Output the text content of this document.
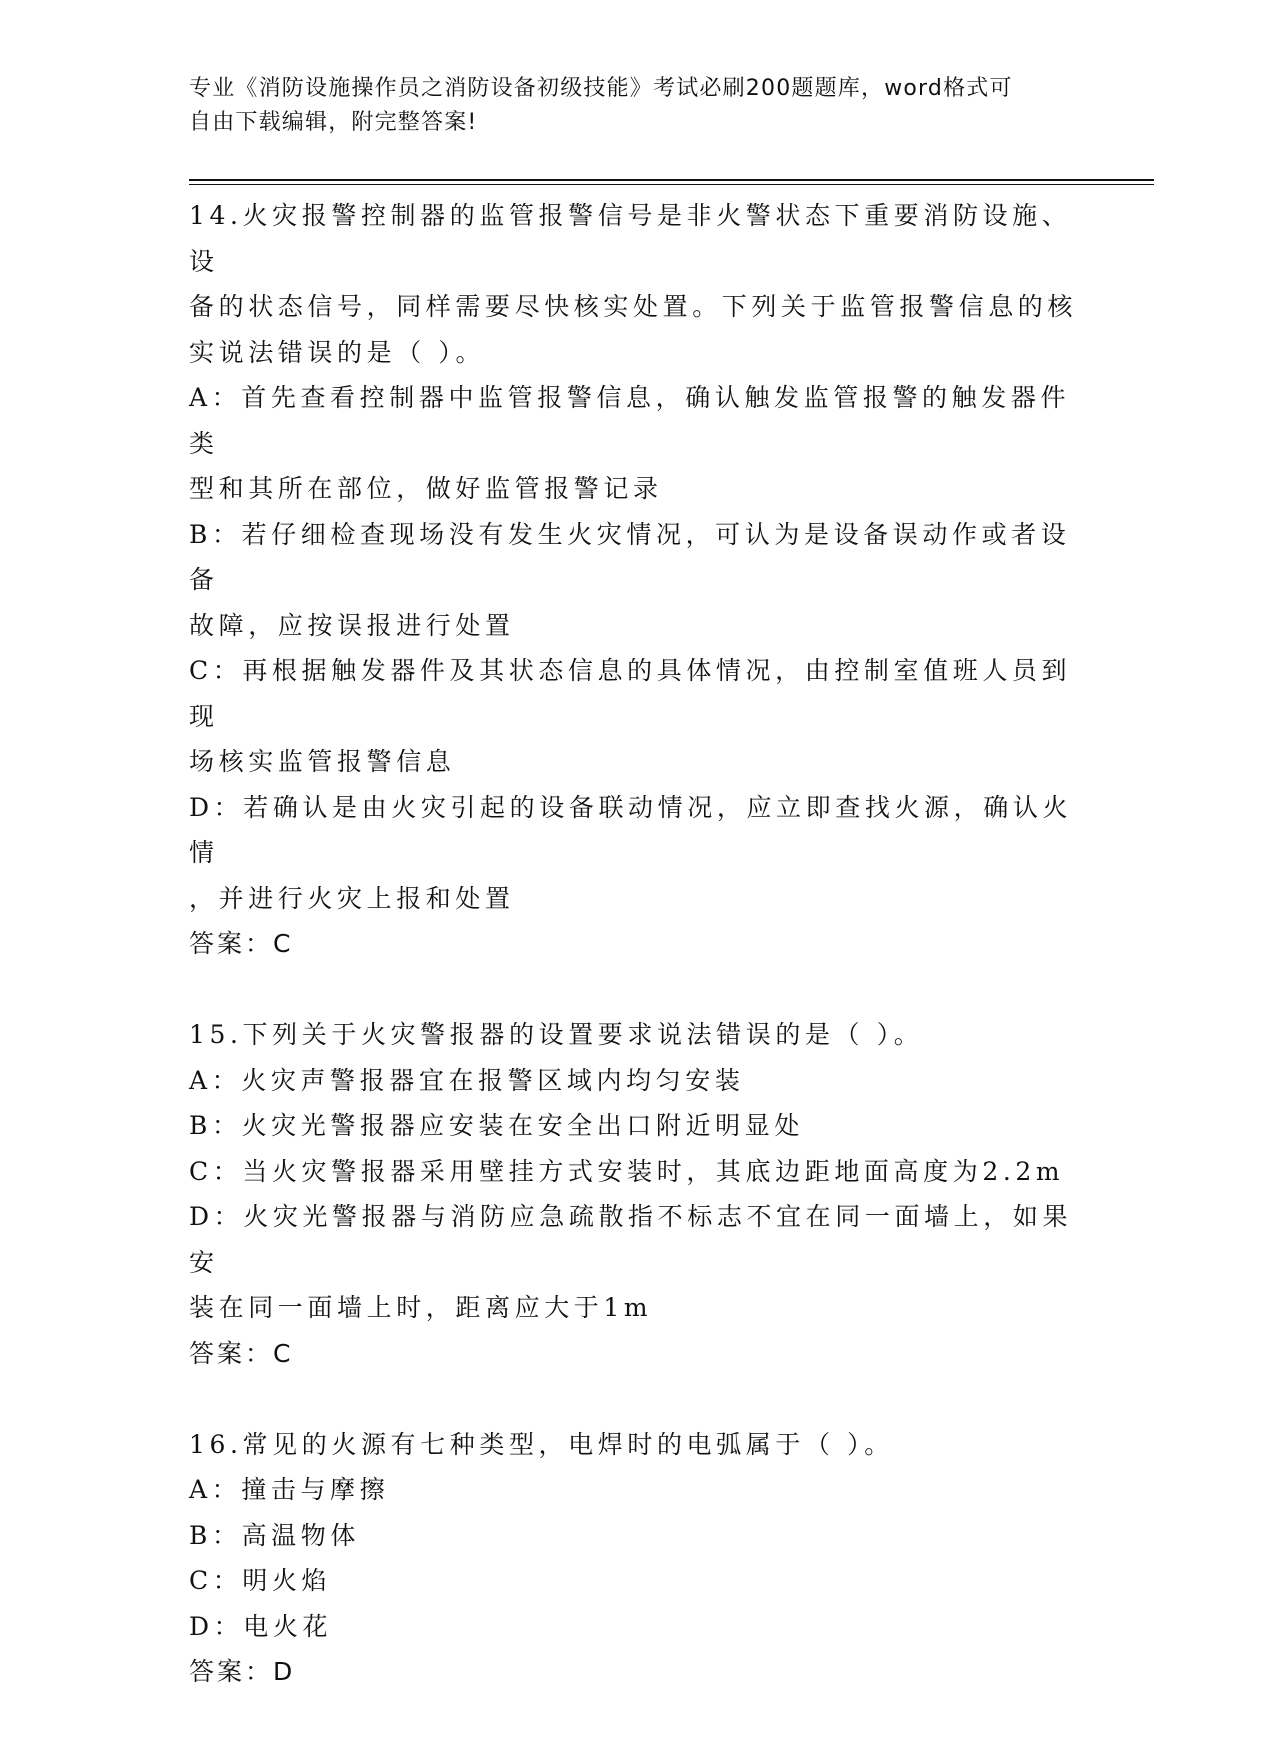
专业《消防设施操作员之消防设备初级技能》考试必刷200题题库，word格式可
自由下载编辑，附完整答案!
14.火灾报警控制器的监管报警信号是非火警状态下重要消防设施、设
备的状态信号，同样需要尽快核实处置。下列关于监管报警信息的核
实说法错误的是（ ）。
A：首先查看控制器中监管报警信息，确认触发监管报警的触发器件类
型和其所在部位，做好监管报警记录
B：若仔细检查现场没有发生火灾情况，可认为是设备误动作或者设备
故障，应按误报进行处置
C：再根据触发器件及其状态信息的具体情况，由控制室值班人员到现
场核实监管报警信息
D：若确认是由火灾引起的设备联动情况，应立即查找火源，确认火情
，并进行火灾上报和处置
答案：C
15.下列关于火灾警报器的设置要求说法错误的是（ ）。
A：火灾声警报器宜在报警区域内均匀安装
B：火灾光警报器应安装在安全出口附近明显处
C：当火灾警报器采用壁挂方式安装时，其底边距地面高度为2.2m
D：火灾光警报器与消防应急疏散指不标志不宜在同一面墙上，如果安
装在同一面墙上时，距离应大于1m
答案：C
16.常见的火源有七种类型，电焊时的电弧属于（ ）。
A：撞击与摩擦
B：高温物体
C：明火焰
D：电火花
答案：D
